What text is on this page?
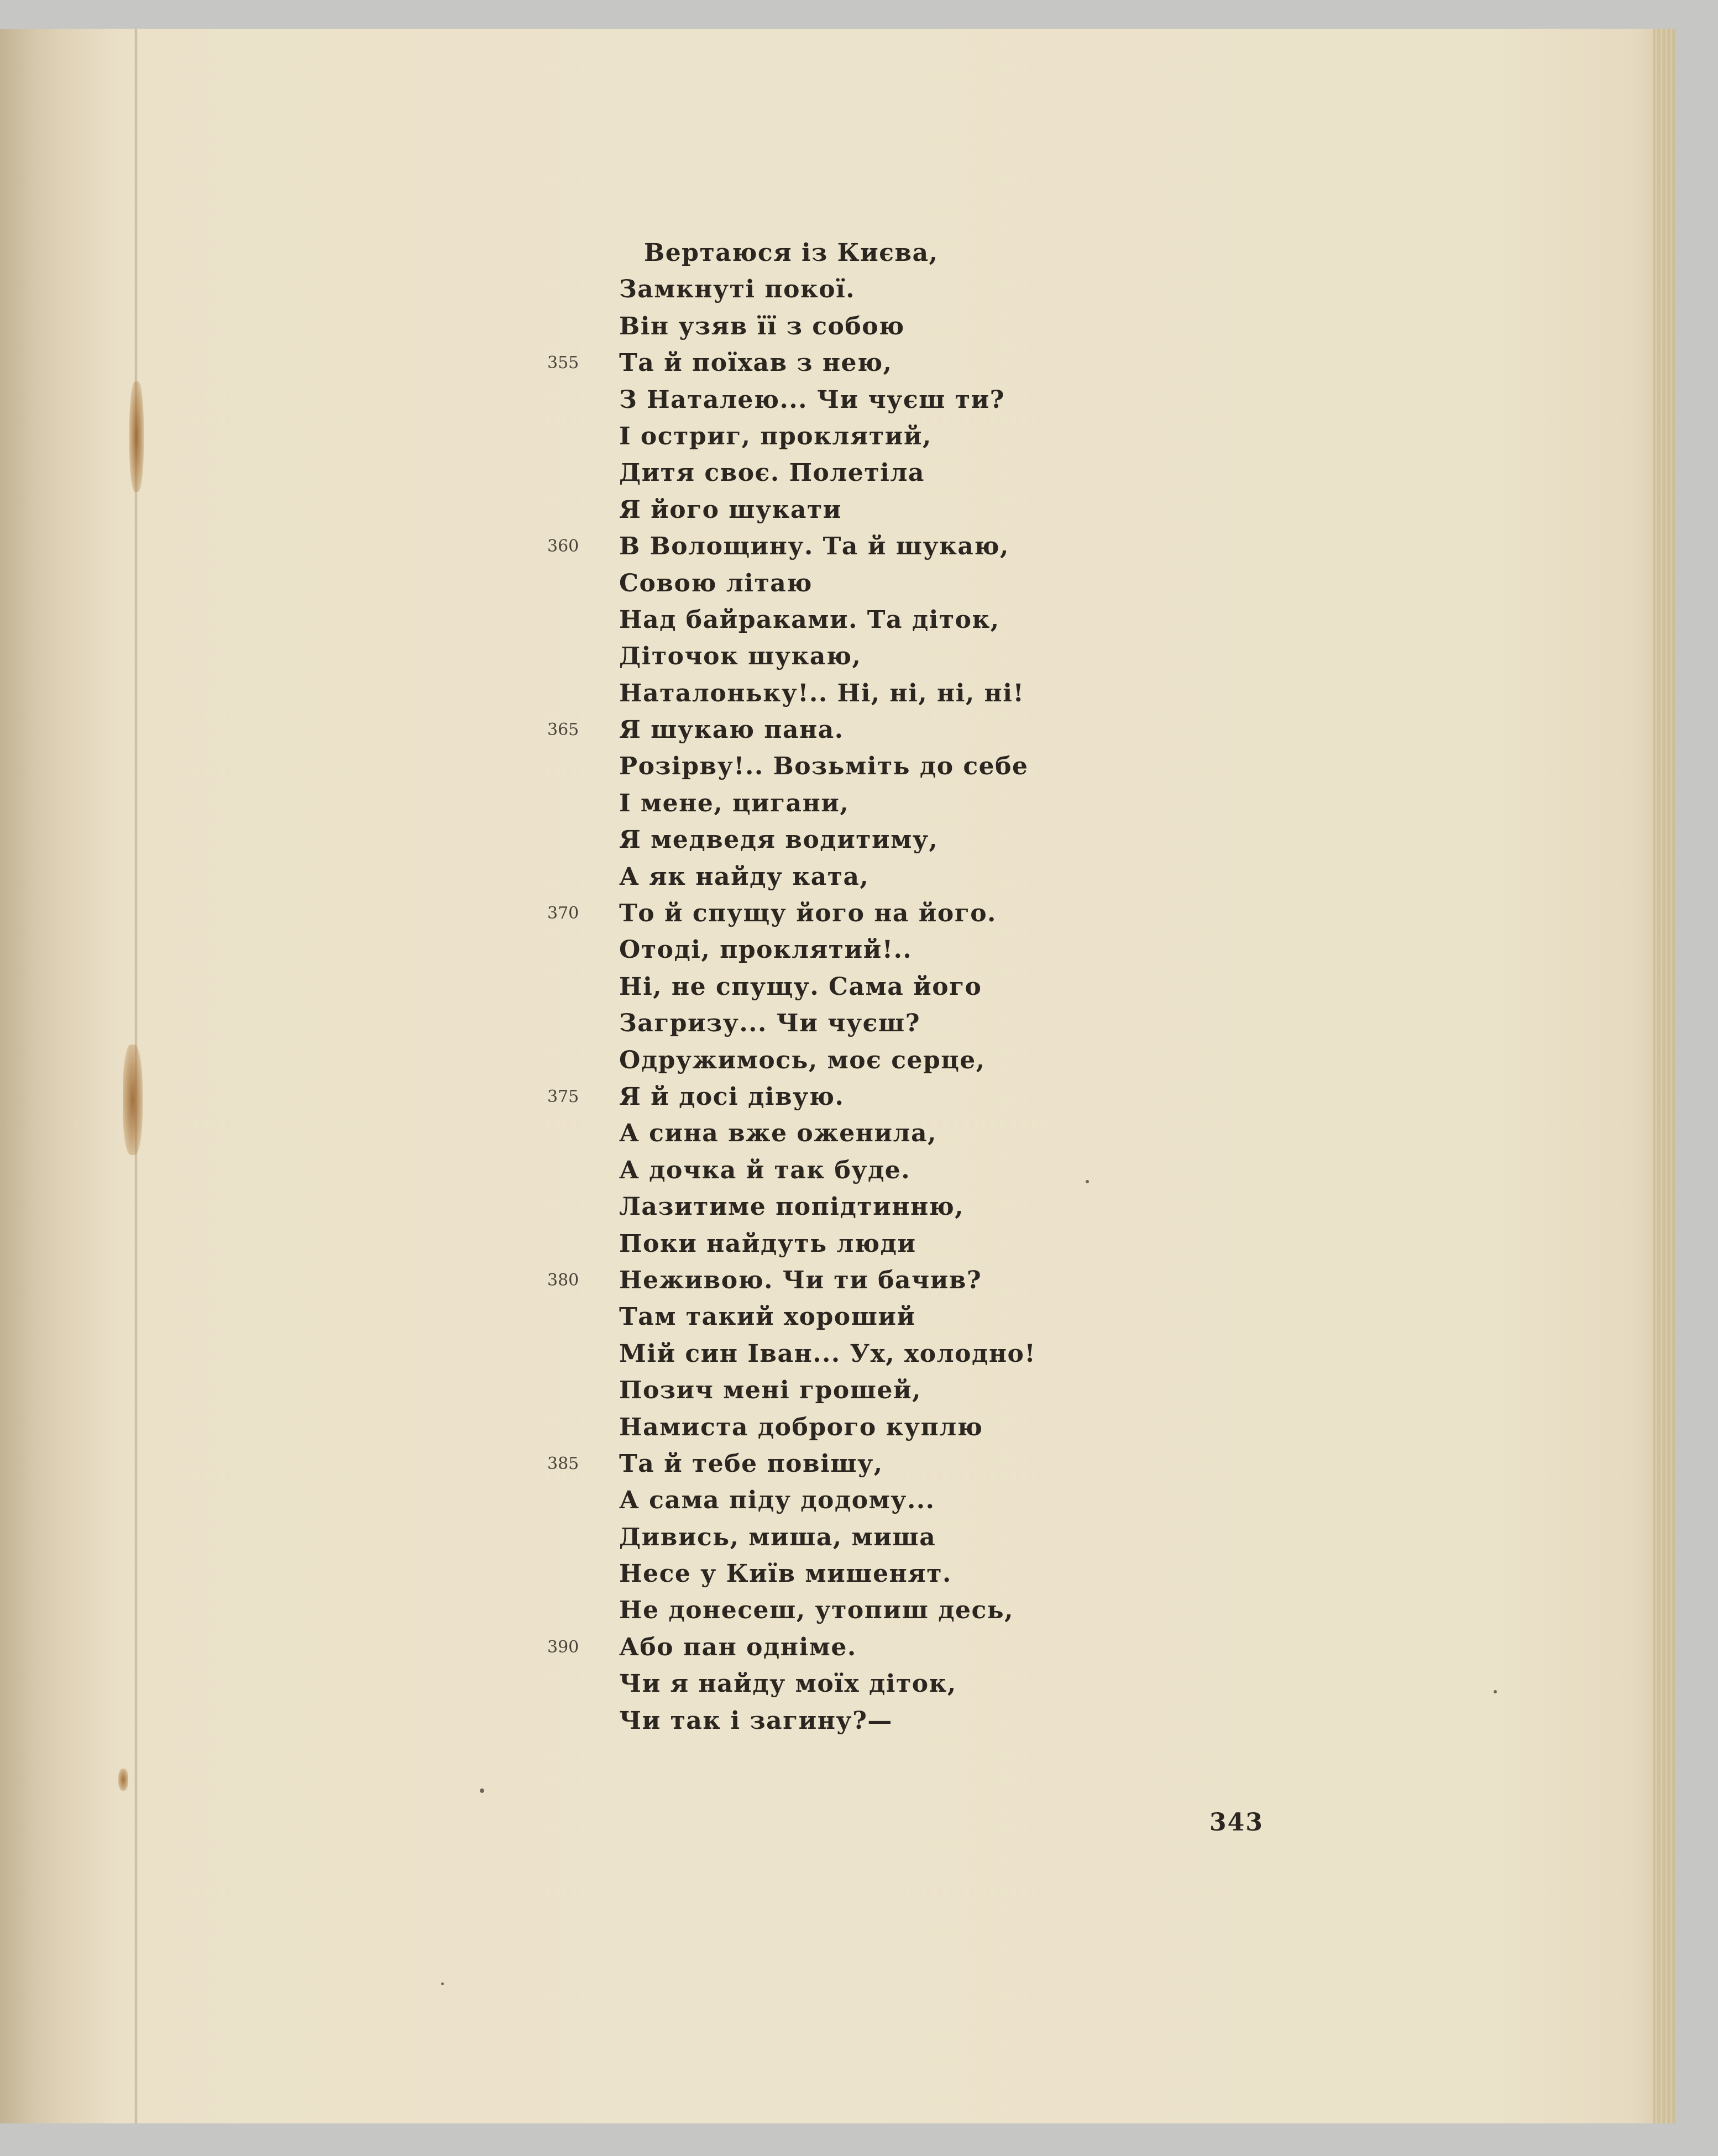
Вертаюся із Києва,
Замкнуті покої.
Він узяв її з собою
355	Та й поїхав з нею,
З Наталею... Чи чуєш ти?
І остриг, проклятий,
Дитя своє. Полетіла
Я його шукати
360	В Волощину. Та й шукаю,
Совою літаю
Над байраками. Та діток,
Діточок шукаю,
Наталоньку!.. Ні, ні, ні, ні!
365	Я шукаю пана.
Розірву!.. Возьміть до себе
І мене, цигани,
Я медведя водитиму,
А як найду ката,
370	То й спущу його на його.
Отоді, проклятий!..
Ні, не спущу. Сама його
Загризу... Чи чуєш?
Одружимось, моє серце,
375	Я й досі дівую.
А сина вже оженила,
А дочка й так буде.
Лазитиме попідтинню,
Поки найдуть люди
380	Неживою. Чи ти бачив?
Там такий хороший
Мій син Іван... Ух, холодно!
Позич мені грошей,
Намиста доброго куплю
385	Та й тебе повішу,
А сама піду додому...
Дивись, миша, миша
Несе у Київ мишенят.
Не донесеш, утопиш десь,
390	Або пан одніме.
Чи я найду моїх діток,
Чи так і загину?—
343
